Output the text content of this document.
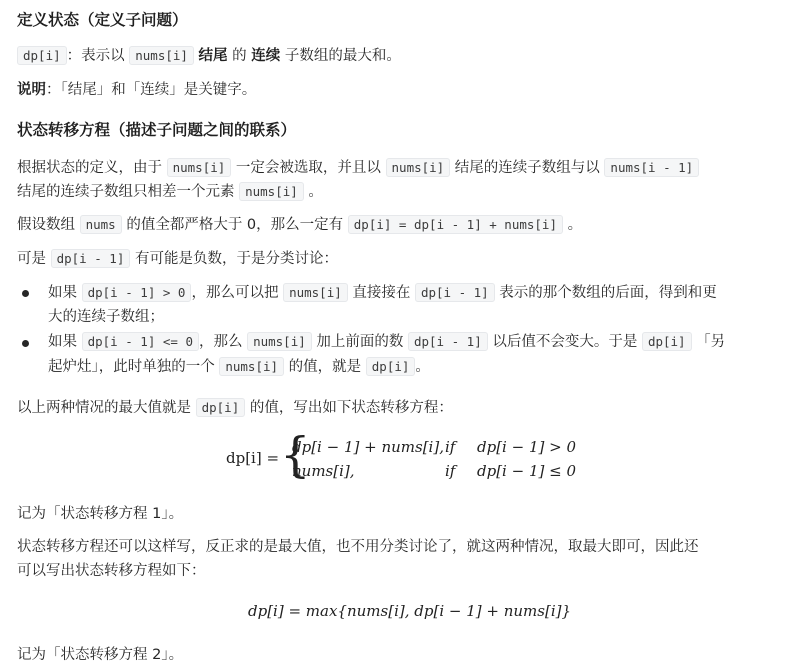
定义状态（定义子问题）
dp[i] ：表示以 nums[i] 结尾 的 连续 子数组的最大和。
说明：「结尾」和「连续」是关键字。
状态转移方程（描述子问题之间的联系）
根据状态的定义，由于 nums[i] 一定会被选取，并且以 nums[i] 结尾的连续子数组与以 nums[i - 1]
结尾的连续子数组只相差一个元素 nums[i] 。
假设数组 nums 的值全都严格大于 0，那么一定有 dp[i] = dp[i - 1] + nums[i] 。
可是 dp[i - 1] 有可能是负数，于是分类讨论：
如果 dp[i - 1] > 0 ，那么可以把 nums[i] 直接接在 dp[i - 1] 表示的那个数组的后面，得到和更
大的连续子数组；
如果 dp[i - 1] <= 0 ，那么 nums[i] 加上前面的数 dp[i - 1] 以后值不会变大。于是 dp[i] 「另
起炉灶」，此时单独的一个 nums[i] 的值，就是 dp[i] 。
以上两种情况的最大值就是 dp[i] 的值，写出如下状态转移方程：
dp[i] = {
dp[i − 1] + nums[i], if dp[i − 1] > 0
nums[i],	if dp[i − 1] ≤ 0
记为「状态转移方程 1」。
状态转移方程还可以这样写，反正求的是最大值，也不用分类讨论了，就这两种情况，取最大即可，因此还
可以写出状态转移方程如下：
dp[i] = max{nums[i], dp[i − 1] + nums[i]}
记为「状态转移方程 2」。
